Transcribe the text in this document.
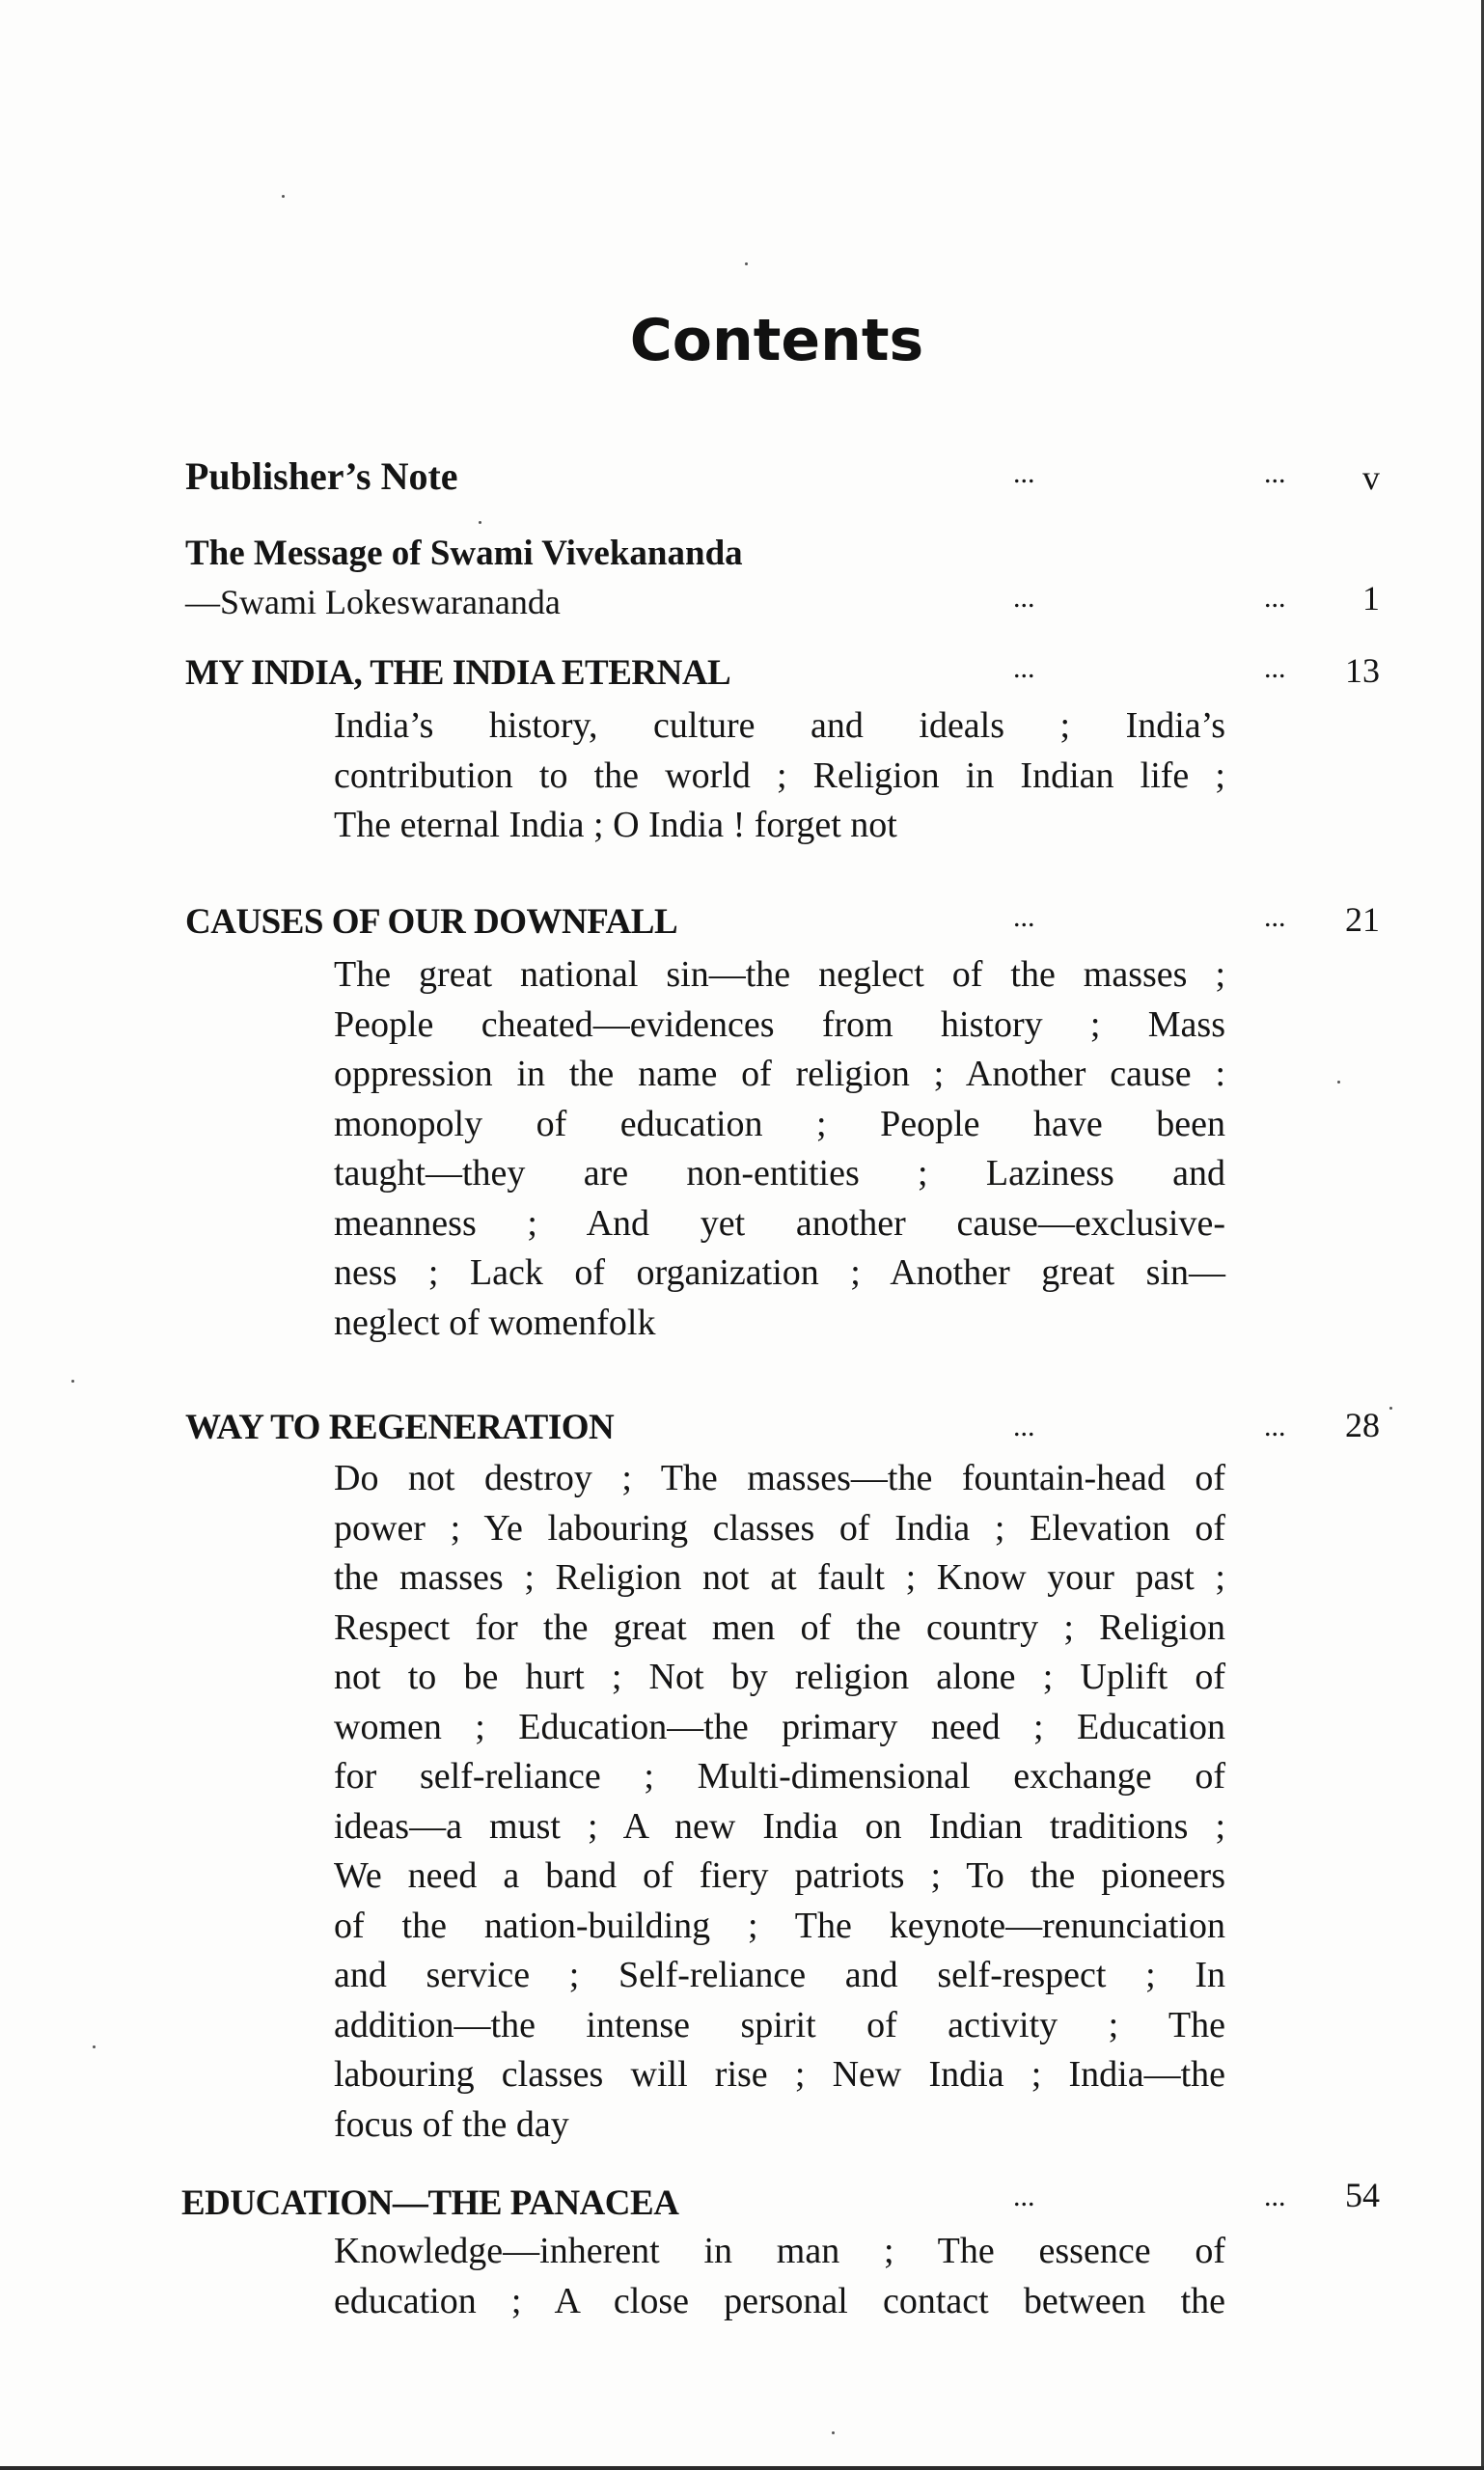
Contents
Publisher’s Note	...	...	v
The Message of Swami Vivekananda
—Swami Lokeswarananda	...	...	1
MY INDIA, THE INDIA ETERNAL	...	...	13
India’s history, culture and ideals ; India’s
contribution to the world ; Religion in Indian life ;
The eternal India ; O India ! forget not
CAUSES OF OUR DOWNFALL	...	...	21
The great national sin—the neglect of the masses ;
People cheated—evidences from history ; Mass
oppression in the name of religion ; Another cause :
monopoly of education ; People have been
taught—they are non-entities ; Laziness and
meanness ; And yet another cause—exclusive-
ness ; Lack of organization ; Another great sin—
neglect of womenfolk
WAY TO REGENERATION	...	...	28
Do not destroy ; The masses—the fountain-head of
power ; Ye labouring classes of India ; Elevation of
the masses ; Religion not at fault ; Know your past ;
Respect for the great men of the country ; Religion
not to be hurt ; Not by religion alone ; Uplift of
women ; Education—the primary need ; Education
for self-reliance ; Multi-dimensional exchange of
ideas—a must ; A new India on Indian traditions ;
We need a band of fiery patriots ; To the pioneers
of the nation-building ; The keynote—renunciation
and service ; Self-reliance and self-respect ; In
addition—the intense spirit of activity ; The
labouring classes will rise ; New India ; India—the
focus of the day
EDUCATION—THE PANACEA	...	...	54
Knowledge—inherent in man ; The essence of
education ; A close personal contact between the
